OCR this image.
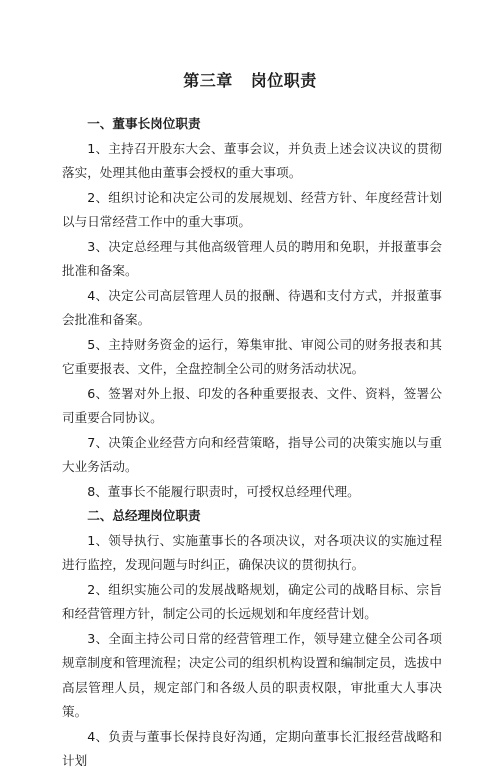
第三章 岗位职责

一、董事长岗位职责

1、主持召开股东大会、董事会议，并负责上述会议决议的贯彻落实，处理其他由董事会授权的重大事项。

2、组织讨论和决定公司的发展规划、经营方针、年度经营计划以与日常经营工作中的重大事项。

3、决定总经理与其他高级管理人员的聘用和免职，并报董事会批准和备案。

4、决定公司高层管理人员的报酬、待遇和支付方式，并报董事会批准和备案。

5、主持财务资金的运行，筹集审批、审阅公司的财务报表和其它重要报表、文件，全盘控制全公司的财务活动状况。

6、签署对外上报、印发的各种重要报表、文件、资料，签署公司重要合同协议。

7、决策企业经营方向和经营策略，指导公司的决策实施以与重大业务活动。

8、董事长不能履行职责时，可授权总经理代理。

二、总经理岗位职责

1、领导执行、实施董事长的各项决议，对各项决议的实施过程进行监控，发现问题与时纠正，确保决议的贯彻执行。

2、组织实施公司的发展战略规划，确定公司的战略目标、宗旨和经营管理方针，制定公司的长远规划和年度经营计划。

3、全面主持公司日常的经营管理工作，领导建立健全公司各项规章制度和管理流程；决定公司的组织机构设置和编制定员，选拔中高层管理人员，规定部门和各级人员的职责权限，审批重大人事决策。

4、负责与董事长保持良好沟通，定期向董事长汇报经营战略和计划
